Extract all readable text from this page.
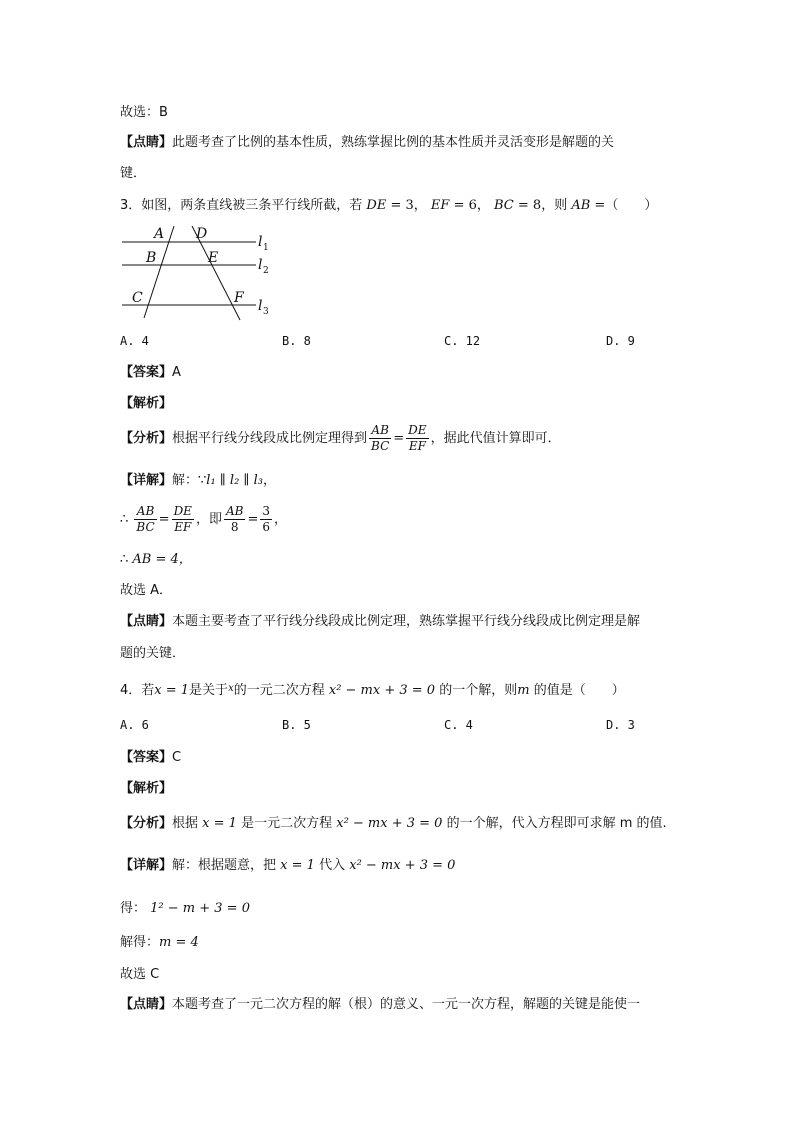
故选：B
【点睛】此题考查了比例的基本性质，熟练掌握比例的基本性质并灵活变形是解题的关
键．
3．如图，两条直线被三条平行线所截，若 DE = 3， EF = 6， BC = 8，则 AB =（　　）
A D
B	E
C	F
l 1
l 2
l 3
A. 4	B. 8	C. 12	D. 9
【答案】A
【解析】
【分析】根据平行线分线段成比例定理得到 $\frac{AB}{BC} = \frac{DE}{EF}$ ，据此代值计算即可．
【详解】解：∵l₁ ∥ l₂ ∥ l₃，
∴ $\frac{AB}{BC} = \frac{DE}{EF}$ ，即 $\frac{AB}{8} = \frac{3}{6}$ ，
∴ AB = 4，
故选 A．
【点睛】本题主要考查了平行线分线段成比例定理，熟练掌握平行线分线段成比例定理是解
题的关键．
4．若x = 1是关于$^x$的一元二次方程 x² − mx + 3 = 0 的一个解，则m 的值是（　　）
A. 6	B. 5	C. 4	D. 3
【答案】C
【解析】
【分析】根据 x = 1 是一元二次方程 x² − mx + 3 = 0 的一个解，代入方程即可求解 m 的值.
【详解】解：根据题意，把 x = 1 代入 x² − mx + 3 = 0
得： 1² − m + 3 = 0
解得：m = 4
故选 C
【点睛】本题考查了一元二次方程的解（根）的意义、一元一次方程，解题的关键是能使一
